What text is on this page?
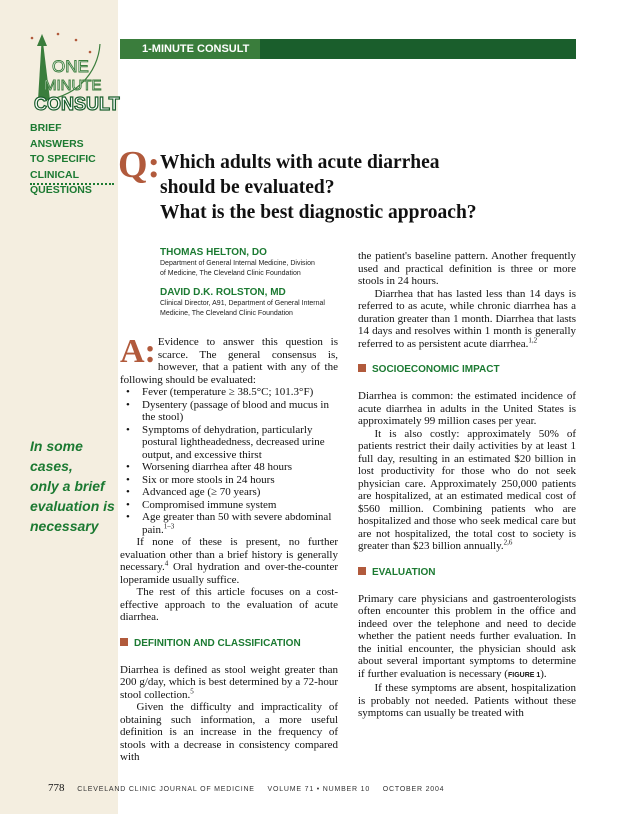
ONE
MINUTE
CONSULT
BRIEF ANSWERS
TO SPECIFIC
CLINICAL
QUESTIONS
In some cases,
only a brief
evaluation is
necessary
1-MINUTE CONSULT
Q: Which adults with acute diarrhea
should be evaluated?
What is the best diagnostic approach?
THOMAS HELTON, DO
Department of General Internal Medicine, Division
of Medicine, The Cleveland Clinic Foundation
DAVID D.K. ROLSTON, MD
Clinical Director, A91, Department of General Internal
Medicine, The Cleveland Clinic Foundation

A: Evidence to answer this question is scarce. The general consensus is, however, that a patient with any of the following should be evaluated:

• Fever (temperature ≥ 38.5°C; 101.3°F)
• Dysentery (passage of blood and mucus in the stool)
• Symptoms of dehydration, particularly postural lightheadedness, decreased urine output, and excessive thirst
• Worsening diarrhea after 48 hours
• Six or more stools in 24 hours
• Advanced age (≥ 70 years)
• Compromised immune system
• Age greater than 50 with severe abdominal pain.$^{1-3}$

If none of these is present, no further evaluation other than a brief history is generally necessary.$^4$ Oral hydration and over-the-counter loperamide usually suffice.

The rest of this article focuses on a cost-effective approach to the evaluation of acute diarrhea.

DEFINITION AND CLASSIFICATION

Diarrhea is defined as stool weight greater than 200 g/day, which is best determined by a 72-hour stool collection.$^5$

Given the difficulty and impracticality of obtaining such information, a more useful definition is an increase in the frequency of stools with a decrease in consistency compared with

the patient's baseline pattern. Another frequently used and practical definition is three or more stools in 24 hours.

Diarrhea that has lasted less than 14 days is referred to as acute, while chronic diarrhea has a duration greater than 1 month. Diarrhea that lasts 14 days and resolves within 1 month is generally referred to as persistent acute diarrhea.$^{1,2}$

SOCIOECONOMIC IMPACT

Diarrhea is common: the estimated incidence of acute diarrhea in adults in the United States is approximately 99 million cases per year.

It is also costly: approximately 50% of patients restrict their daily activities by at least 1 full day, resulting in an estimated $20 billion in lost productivity for those who do not seek physician care. Approximately 250,000 patients are hospitalized, at an estimated medical cost of $560 million. Combining patients who are hospitalized and those who seek medical care but are not hospitalized, the total cost to society is greater than $23 billion annually.$^{2,6}$

EVALUATION

Primary care physicians and gastroenterologists often encounter this problem in the office and indeed over the telephone and need to decide whether the patient needs further evaluation. In the initial encounter, the physician should ask about several important symptoms to determine if further evaluation is necessary (FIGURE 1).

If these symptoms are absent, hospitalization is probably not needed. Patients without these symptoms can usually be treated with

778 CLEVELAND CLINIC JOURNAL OF MEDICINE VOLUME 71 • NUMBER 10 OCTOBER 2004
